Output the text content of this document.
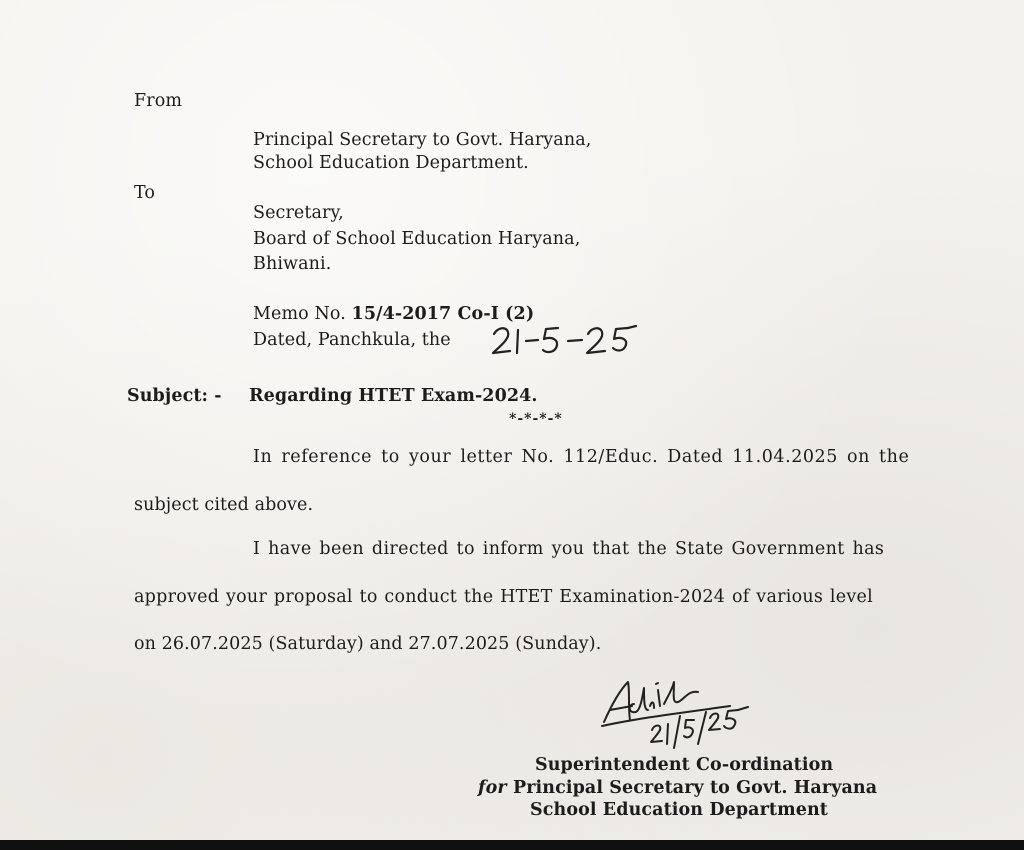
From
Principal Secretary to Govt. Haryana,
School Education Department.
To
Secretary,
Board of School Education Haryana,
Bhiwani.
Memo No. 15/4-2017 Co-I (2)
Dated, Panchkula, the
Subject: - Regarding HTET Exam-2024.
*-*-*-*
In reference to your letter No. 112/Educ. Dated 11.04.2025 on the
subject cited above.
I have been directed to inform you that the State Government has
approved your proposal to conduct the HTET Examination-2024 of various level
on 26.07.2025 (Saturday) and 27.07.2025 (Sunday).
Superintendent Co-ordination
for Principal Secretary to Govt. Haryana
School Education Department
